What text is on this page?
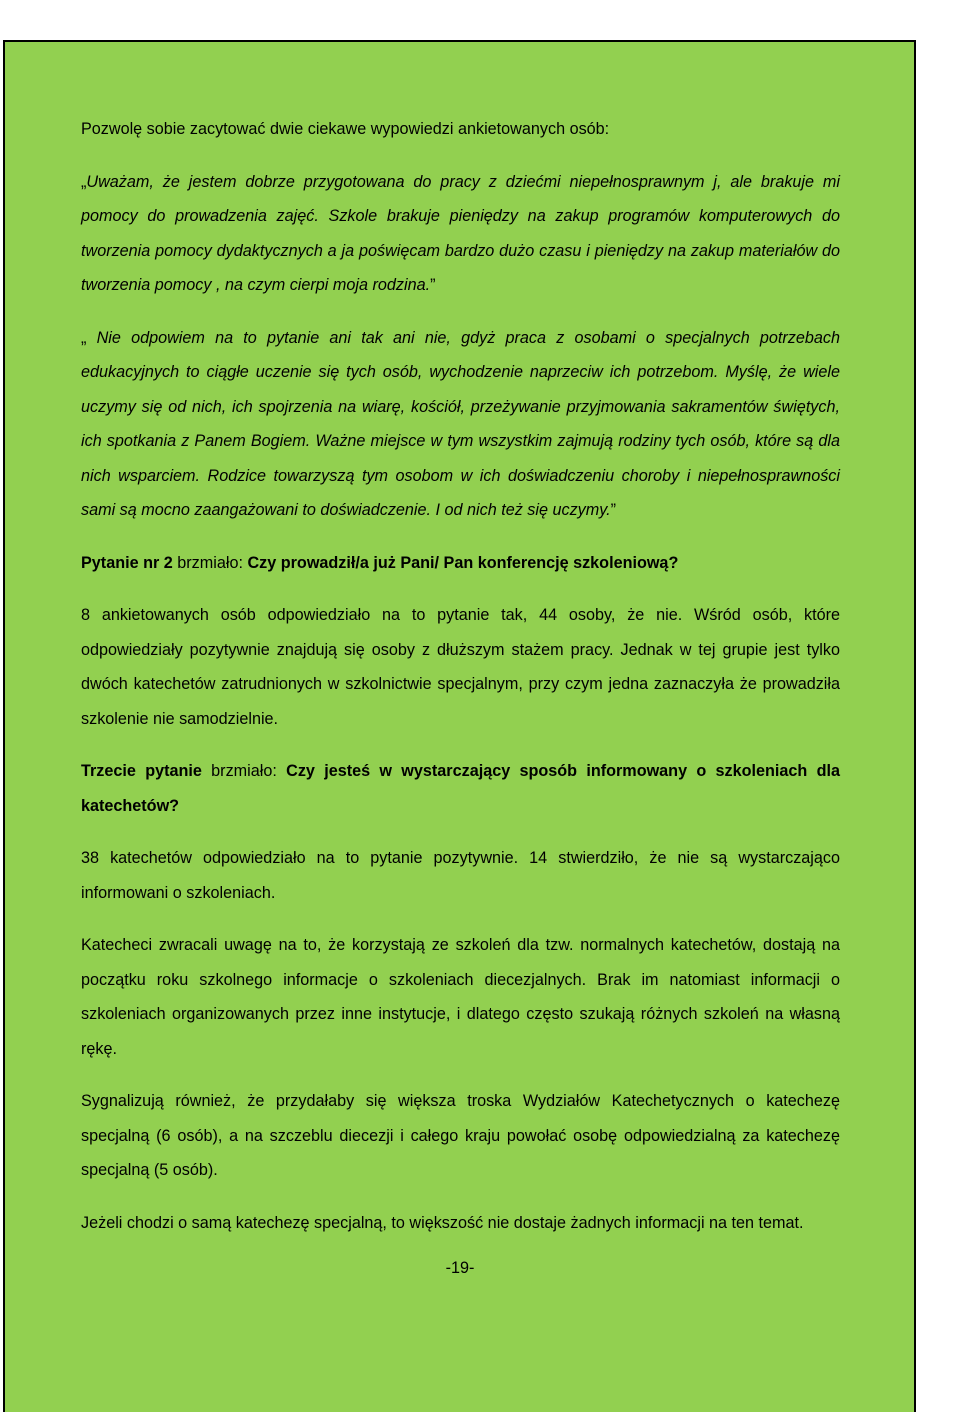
Pozwolę sobie zacytować dwie ciekawe wypowiedzi ankietowanych osób:

„Uważam, że jestem dobrze przygotowana do pracy z dziećmi niepełnosprawnym j, ale brakuje mi pomocy do prowadzenia zajęć. Szkole brakuje pieniędzy na zakup programów komputerowych do tworzenia pomocy dydaktycznych a ja poświęcam bardzo dużo czasu i pieniędzy na zakup materiałów do tworzenia pomocy , na czym cierpi moja rodzina.”

„ Nie odpowiem na to pytanie ani tak ani nie, gdyż praca z osobami o specjalnych potrzebach edukacyjnych to ciągłe uczenie się tych osób, wychodzenie naprzeciw ich potrzebom. Myślę, że wiele uczymy się od nich, ich spojrzenia na wiarę, kościół, przeżywanie przyjmowania sakramentów świętych, ich spotkania z Panem Bogiem. Ważne miejsce w tym wszystkim zajmują rodziny tych osób, które są dla nich wsparciem. Rodzice towarzyszą tym osobom w ich doświadczeniu choroby i niepełnosprawności sami są mocno zaangażowani to doświadczenie. I od nich też się uczymy.”

Pytanie nr 2 brzmiało: Czy prowadził/a już Pani/ Pan konferencję szkoleniową?

8 ankietowanych osób odpowiedziało na to pytanie tak, 44 osoby, że nie. Wśród osób, które odpowiedziały pozytywnie znajdują się osoby z dłuższym stażem pracy. Jednak w tej grupie jest tylko dwóch katechetów zatrudnionych w szkolnictwie specjalnym, przy czym jedna zaznaczyła że prowadziła szkolenie nie samodzielnie.

Trzecie pytanie brzmiało: Czy jesteś w wystarczający sposób informowany o szkoleniach dla katechetów?

38 katechetów odpowiedziało na to pytanie pozytywnie. 14 stwierdziło, że nie są wystarczająco informowani o szkoleniach.

Katecheci zwracali uwagę na to, że korzystają ze szkoleń dla tzw. normalnych katechetów, dostają na początku roku szkolnego informacje o szkoleniach diecezjalnych. Brak im natomiast informacji o szkoleniach organizowanych przez inne instytucje, i dlatego często szukają różnych szkoleń na własną rękę.

Sygnalizują również, że przydałaby się większa troska Wydziałów Katechetycznych o katechezę specjalną (6 osób), a na szczeblu diecezji i całego kraju powołać osobę odpowiedzialną za katechezę specjalną (5 osób).

Jeżeli chodzi o samą katechezę specjalną, to większość nie dostaje żadnych informacji na ten temat.

-19-
